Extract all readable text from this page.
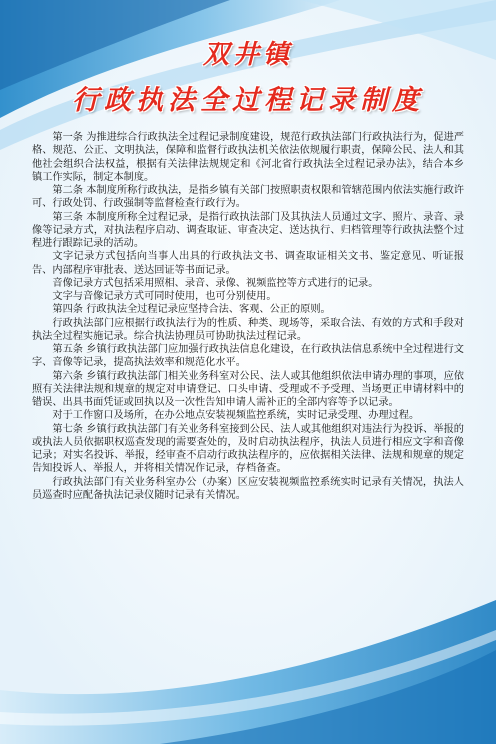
双井镇
行政执法全过程记录制度

第一条 为推进综合行政执法全过程记录制度建设，规范行政执法部门行政执法行为，促进严格、规范、公正、文明执法，保障和监督行政执法机关依法依规履行职责，保障公民、法人和其他社会组织合法权益，根据有关法律法规规定和《河北省行政执法全过程记录办法》，结合本乡镇工作实际，制定本制度。

第二条 本制度所称行政执法，是指乡镇有关部门按照职责权限和管辖范围内依法实施行政许可、行政处罚、行政强制等监督检查行政行为。

第三条 本制度所称全过程记录，是指行政执法部门及其执法人员通过文字、照片、录音、录像等记录方式，对执法程序启动、调查取证、审查决定、送达执行、归档管理等行政执法整个过程进行跟踪记录的活动。

文字记录方式包括向当事人出具的行政执法文书、调查取证相关文书、鉴定意见、听证报告、内部程序审批表、送达回证等书面记录。

音像记录方式包括采用照相、录音、录像、视频监控等方式进行的记录。

文字与音像记录方式可同时使用，也可分别使用。

第四条 行政执法全过程记录应坚持合法、客观、公正的原则。

行政执法部门应根据行政执法行为的性质、种类、现场等，采取合法、有效的方式和手段对执法全过程实施记录。综合执法协理员可协助执法过程记录。

第五条 乡镇行政执法部门应加强行政执法信息化建设，在行政执法信息系统中全过程进行文字、音像等记录，提高执法效率和规范化水平。

第六条 乡镇行政执法部门相关业务科室对公民、法人或其他组织依法申请办理的事项，应依照有关法律法规和规章的规定对申请登记、口头申请、受理或不予受理、当场更正申请材料中的错误、出具书面凭证或回执以及一次性告知申请人需补正的全部内容等予以记录。

对于工作窗口及场所，在办公地点安装视频监控系统，实时记录受理、办理过程。

第七条 乡镇行政执法部门有关业务科室接到公民、法人或其他组织对违法行为投诉、举报的或执法人员依据职权巡查发现的需要查处的，及时启动执法程序，执法人员进行相应文字和音像记录；对实名投诉、举报，经审查不启动行政执法程序的，应依据相关法律、法规和规章的规定告知投诉人、举报人，并将相关情况作记录，存档备查。

行政执法部门有关业务科室办公（办案）区应安装视频监控系统实时记录有关情况，执法人员巡查时应配备执法记录仪随时记录有关情况。
